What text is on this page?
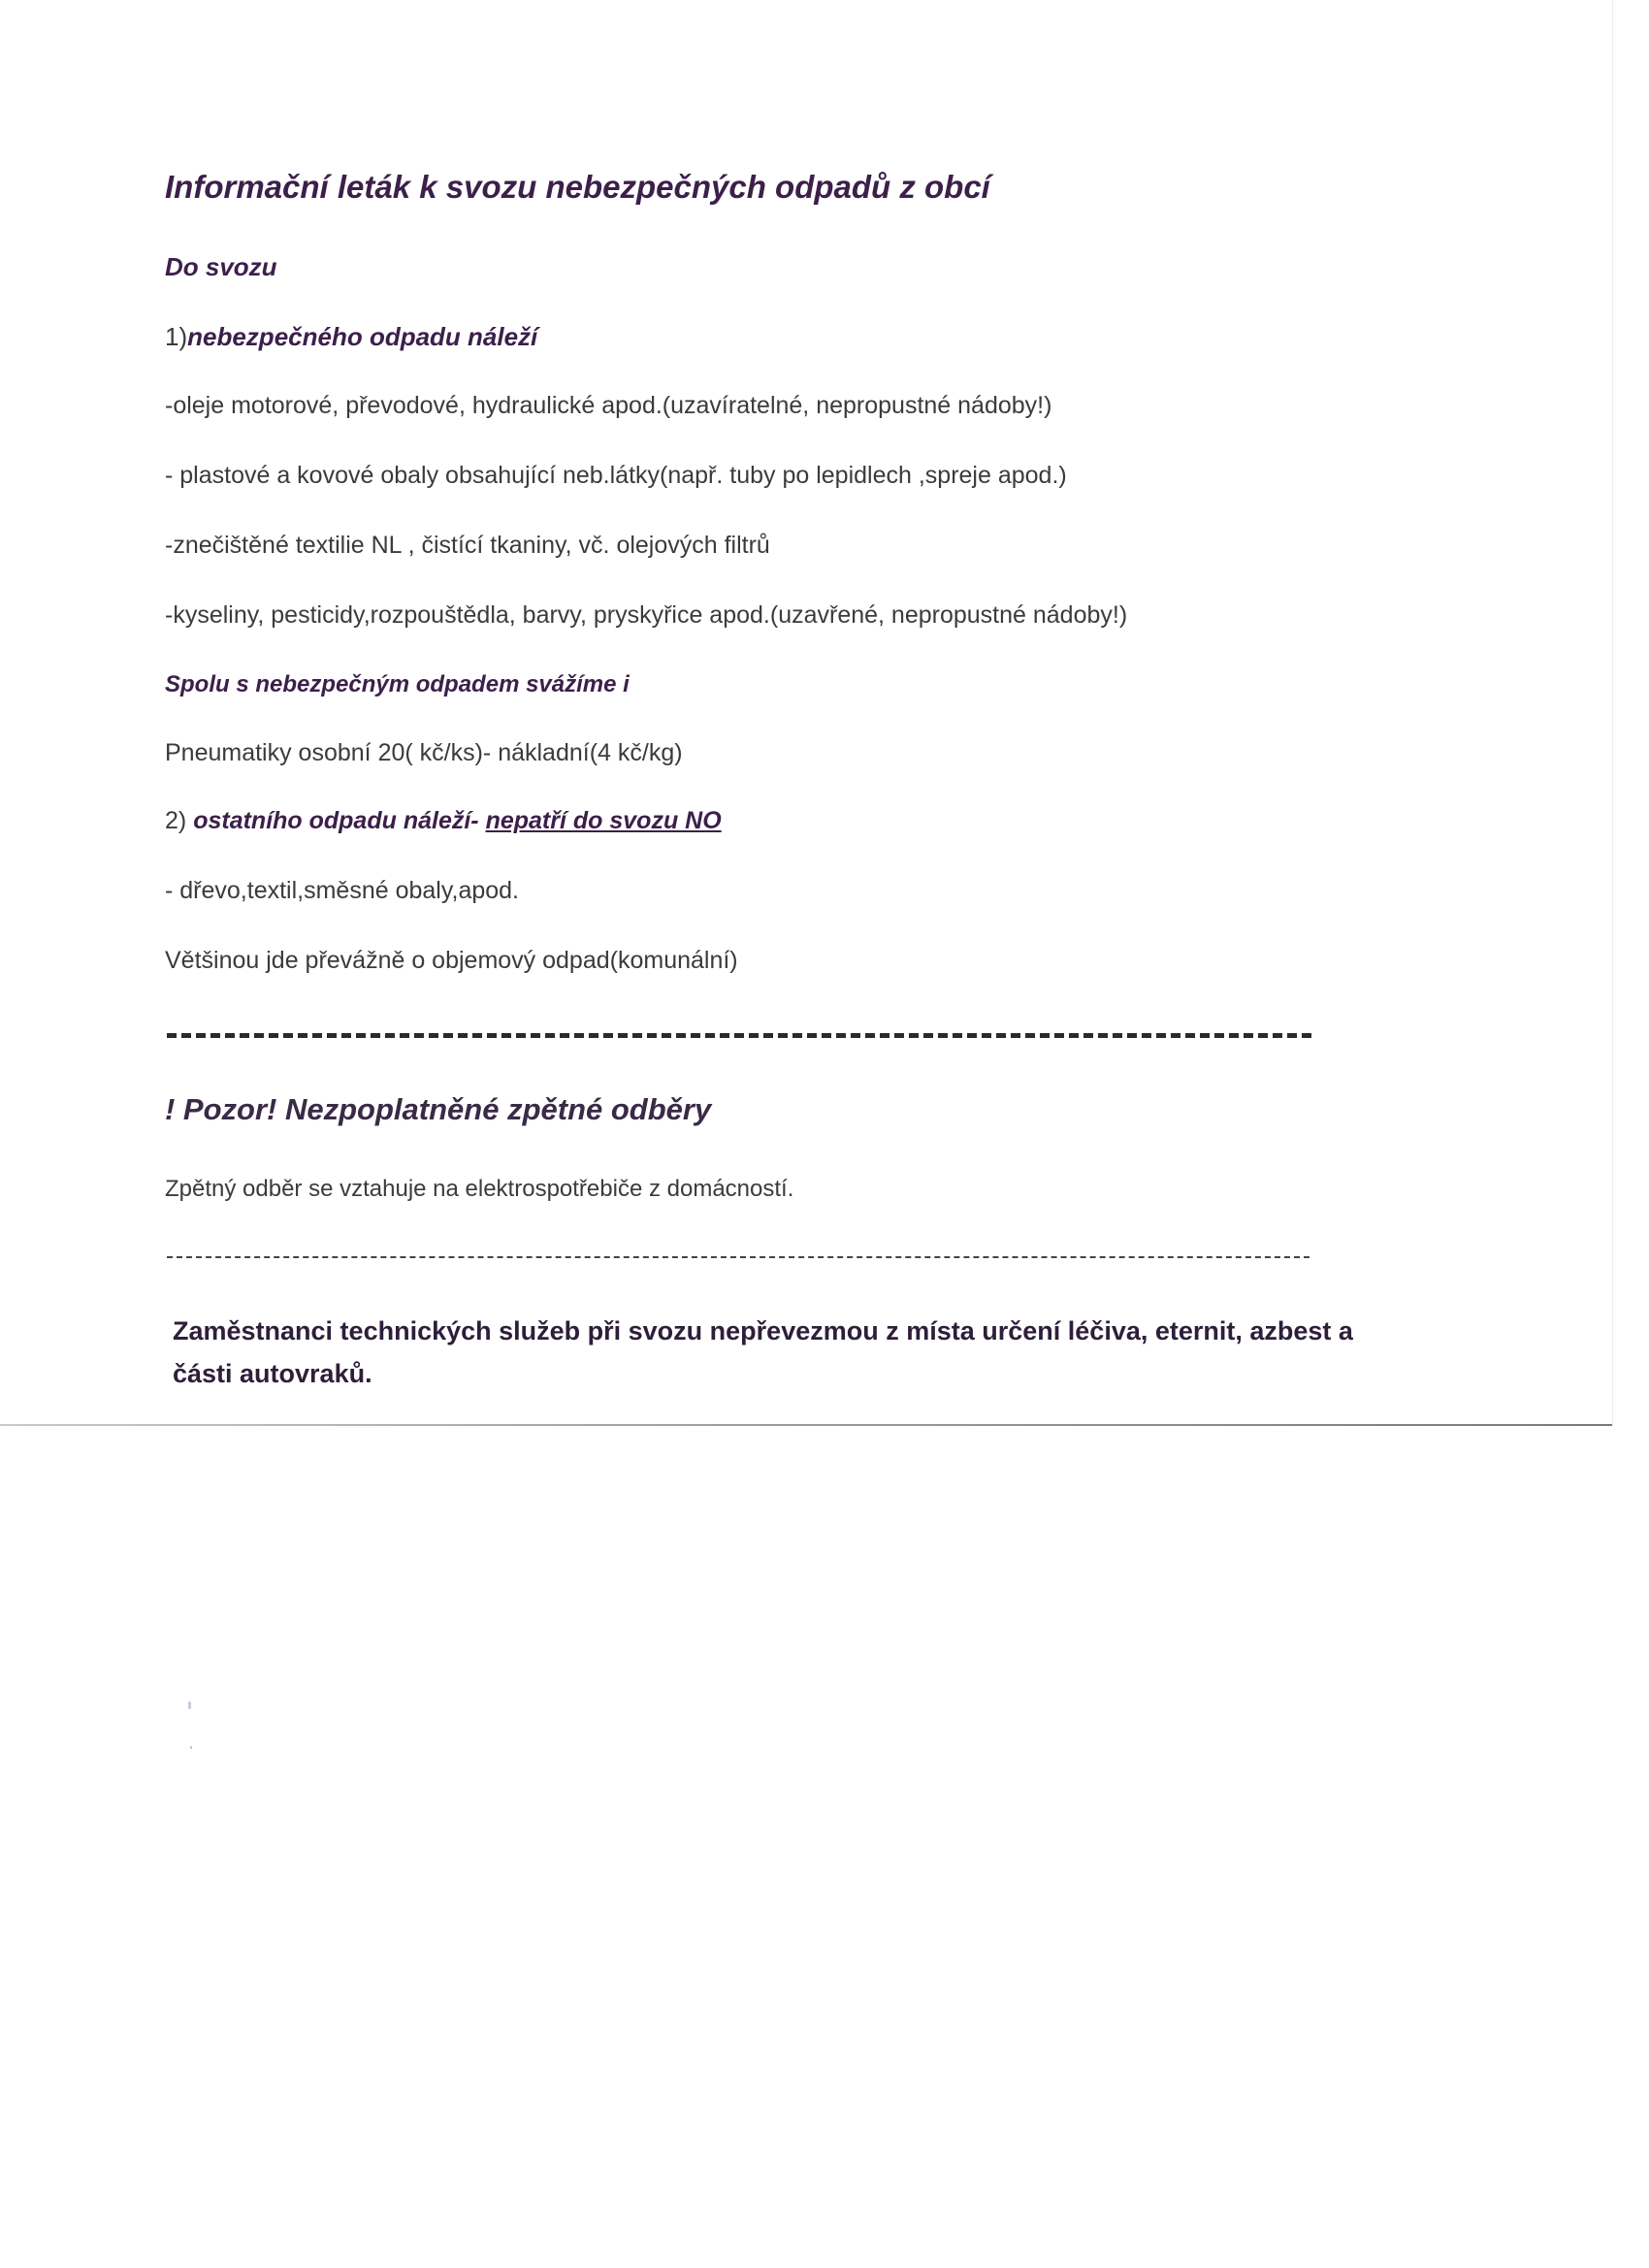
Informační leták k svozu nebezpečných odpadů z obcí

Do svozu

1)nebezpečného odpadu náleží

-oleje motorové, převodové, hydraulické apod.(uzavíratelné, nepropustné nádoby!)

- plastové a kovové obaly obsahující neb.látky(např. tuby po lepidlech ,spreje apod.)

-znečištěné textilie NL , čistící tkaniny, vč. olejových filtrů

-kyseliny, pesticidy,rozpouštědla, barvy, pryskyřice apod.(uzavřené, nepropustné nádoby!)

Spolu s nebezpečným odpadem svážíme i

Pneumatiky osobní 20( kč/ks)- nákladní(4 kč/kg)

2) ostatního odpadu náleží- nepatří do svozu NO

- dřevo,textil,směsné obaly,apod.

Většinou jde převážně o objemový odpad(komunální)

! Pozor! Nezpoplatněné zpětné odběry

Zpětný odběr se vztahuje na elektrospotřebiče z domácností.

Zaměstnanci technických služeb při svozu nepřevezmou z místa určení léčiva, eternit, azbest a části autovraků.
